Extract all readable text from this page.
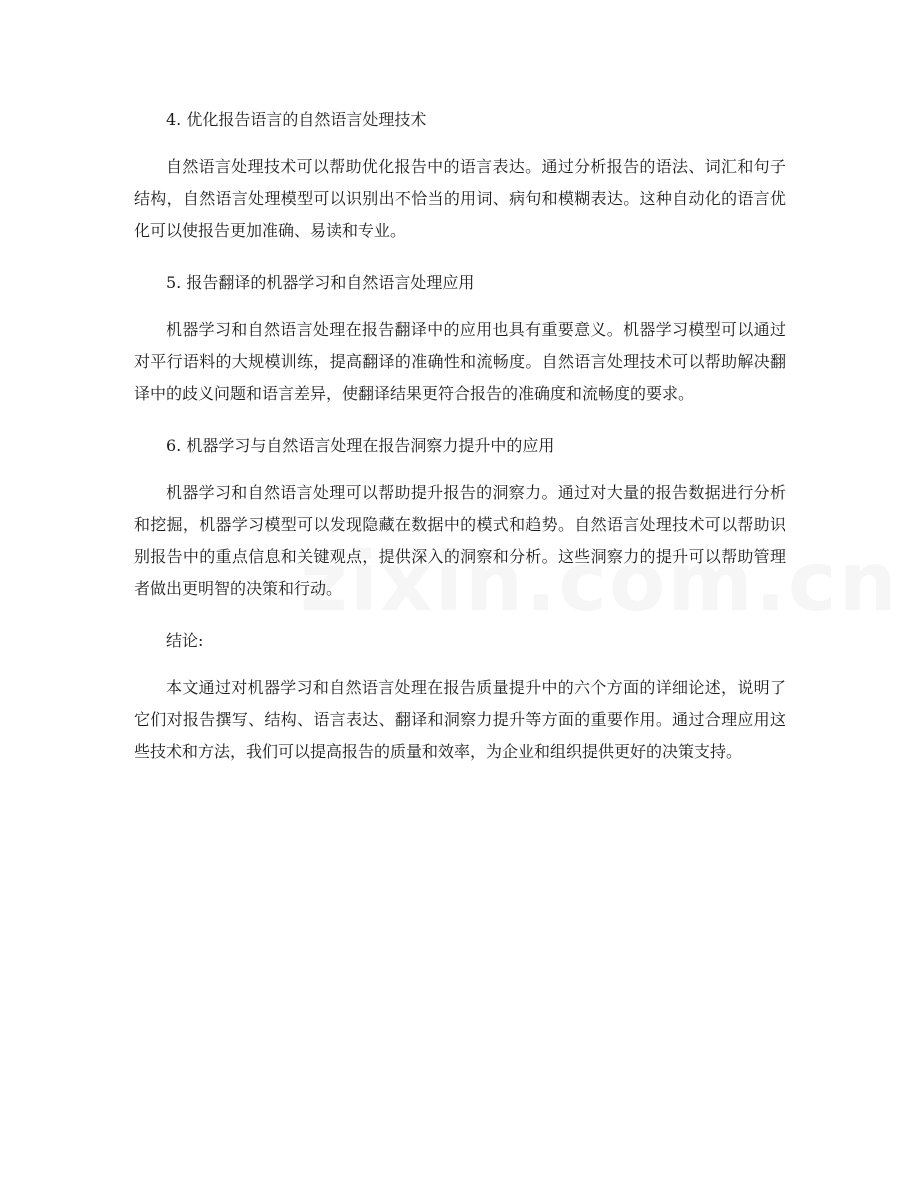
4. 优化报告语言的自然语言处理技术

自然语言处理技术可以帮助优化报告中的语言表达。通过分析报告的语法、词汇和句子结构，自然语言处理模型可以识别出不恰当的用词、病句和模糊表达。这种自动化的语言优化可以使报告更加准确、易读和专业。

5. 报告翻译的机器学习和自然语言处理应用

机器学习和自然语言处理在报告翻译中的应用也具有重要意义。机器学习模型可以通过对平行语料的大规模训练，提高翻译的准确性和流畅度。自然语言处理技术可以帮助解决翻译中的歧义问题和语言差异，使翻译结果更符合报告的准确度和流畅度的要求。

6. 机器学习与自然语言处理在报告洞察力提升中的应用

机器学习和自然语言处理可以帮助提升报告的洞察力。通过对大量的报告数据进行分析和挖掘，机器学习模型可以发现隐藏在数据中的模式和趋势。自然语言处理技术可以帮助识别报告中的重点信息和关键观点，提供深入的洞察和分析。这些洞察力的提升可以帮助管理者做出更明智的决策和行动。

结论:

本文通过对机器学习和自然语言处理在报告质量提升中的六个方面的详细论述，说明了它们对报告撰写、结构、语言表达、翻译和洞察力提升等方面的重要作用。通过合理应用这些技术和方法，我们可以提高报告的质量和效率，为企业和组织提供更好的决策支持。
